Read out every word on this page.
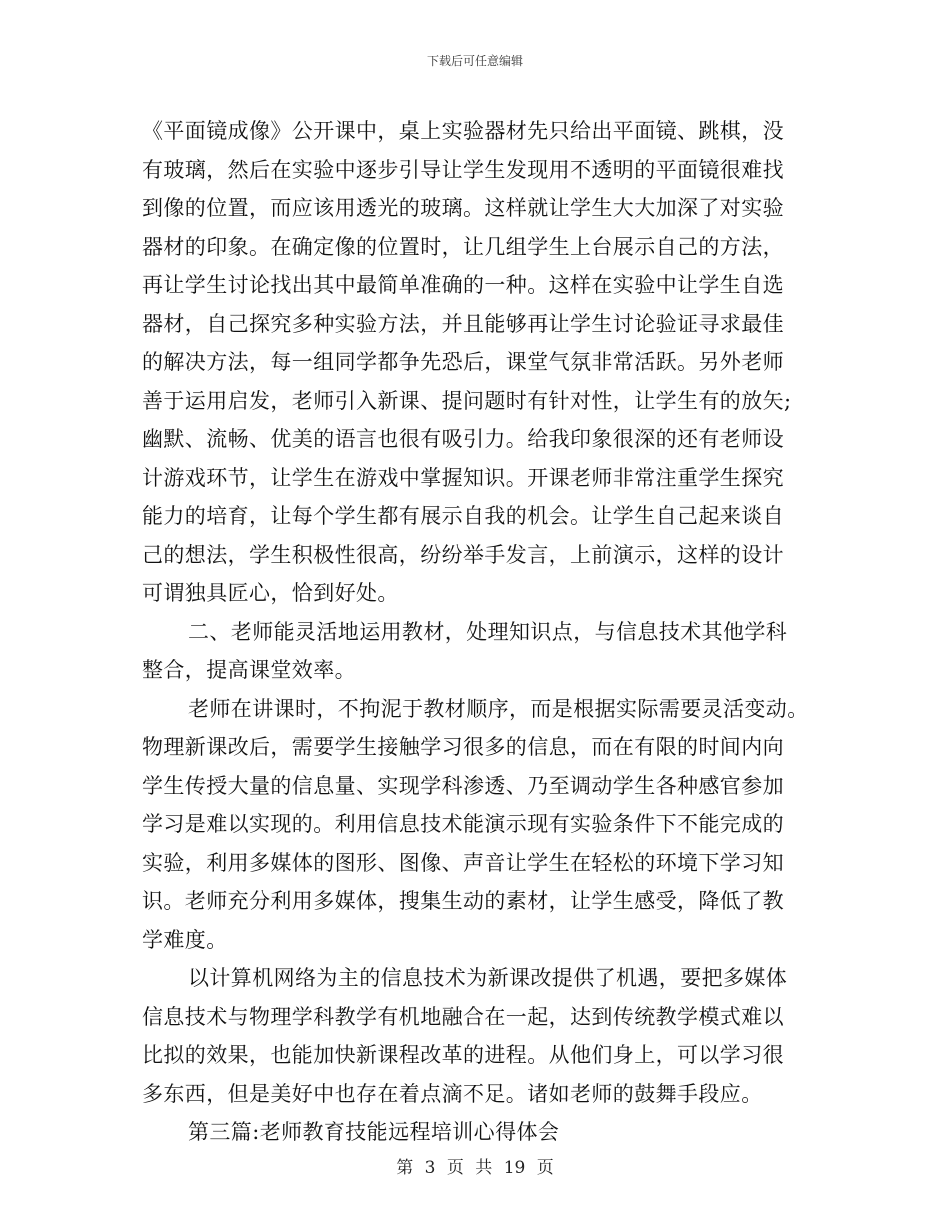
下载后可任意编辑
《平面镜成像》公开课中，桌上实验器材先只给出平面镜、跳棋，没
有玻璃，然后在实验中逐步引导让学生发现用不透明的平面镜很难找
到像的位置，而应该用透光的玻璃。这样就让学生大大加深了对实验
器材的印象。在确定像的位置时，让几组学生上台展示自己的方法，
再让学生讨论找出其中最简单准确的一种。这样在实验中让学生自选
器材，自己探究多种实验方法，并且能够再让学生讨论验证寻求最佳
的解决方法，每一组同学都争先恐后，课堂气氛非常活跃。另外老师
善于运用启发，老师引入新课、提问题时有针对性，让学生有的放矢;
幽默、流畅、优美的语言也很有吸引力。给我印象很深的还有老师设
计游戏环节，让学生在游戏中掌握知识。开课老师非常注重学生探究
能力的培育，让每个学生都有展示自我的机会。让学生自己起来谈自
己的想法，学生积极性很高，纷纷举手发言，上前演示，这样的设计
可谓独具匠心，恰到好处。
二、老师能灵活地运用教材，处理知识点，与信息技术其他学科
整合，提高课堂效率。
老师在讲课时，不拘泥于教材顺序，而是根据实际需要灵活变动。
物理新课改后，需要学生接触学习很多的信息，而在有限的时间内向
学生传授大量的信息量、实现学科渗透、乃至调动学生各种感官参加
学习是难以实现的。利用信息技术能演示现有实验条件下不能完成的
实验，利用多媒体的图形、图像、声音让学生在轻松的环境下学习知
识。老师充分利用多媒体，搜集生动的素材，让学生感受，降低了教
学难度。
以计算机网络为主的信息技术为新课改提供了机遇，要把多媒体
信息技术与物理学科教学有机地融合在一起，达到传统教学模式难以
比拟的效果，也能加快新课程改革的进程。从他们身上，可以学习很
多东西，但是美好中也存在着点滴不足。诸如老师的鼓舞手段应。
第三篇:老师教育技能远程培训心得体会
第 3 页 共 19 页
